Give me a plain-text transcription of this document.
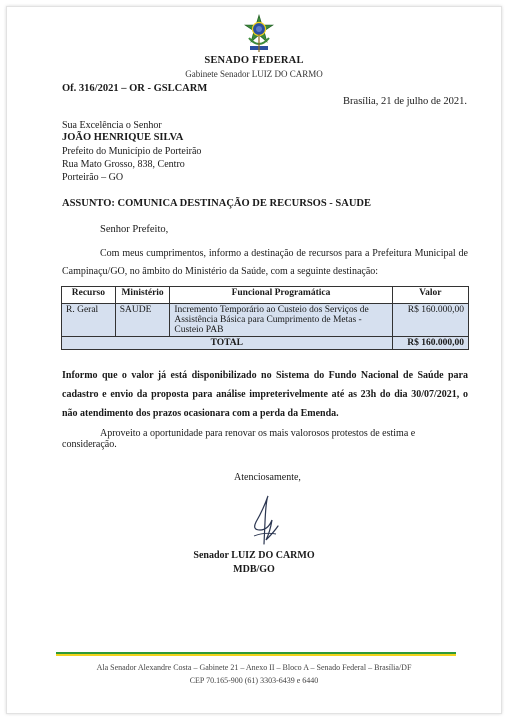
SENADO FEDERAL
Gabinete Senador LUIZ DO CARMO
Of. 316/2021 – OR - GSLCARM
Brasília, 21 de julho de 2021.
Sua Excelência o Senhor
JOÃO HENRIQUE SILVA
Prefeito do Município de Porteirão
Rua Mato Grosso, 838, Centro
Porteirão – GO
ASSUNTO: COMUNICA DESTINAÇÃO DE RECURSOS - SAUDE
Senhor Prefeito,
Com meus cumprimentos, informo a destinação de recursos para a Prefeitura Municipal de Campinaçu/GO, no âmbito do Ministério da Saúde, com a seguinte destinação:
Recurso	Ministério	Funcional Programática	Valor
R. Geral	SAUDE	Incremento Temporário ao Custeio dos Serviços de Assistência Básica para Cumprimento de Metas - Custeio PAB	R$ 160.000,00
TOTAL			R$ 160.000,00
Informo que o valor já está disponibilizado no Sistema do Fundo Nacional de Saúde para cadastro e envio da proposta para análise impreterivelmente até as 23h do dia 30/07/2021, o não atendimento dos prazos ocasionara com a perda da Emenda.
Aproveito a oportunidade para renovar os mais valorosos protestos de estima e consideração.
Atenciosamente,
Senador LUIZ DO CARMO
MDB/GO
Ala Senador Alexandre Costa – Gabinete 21 – Anexo II – Bloco A – Senado Federal – Brasília/DF
CEP 70.165-900 (61) 3303-6439 e 6440
